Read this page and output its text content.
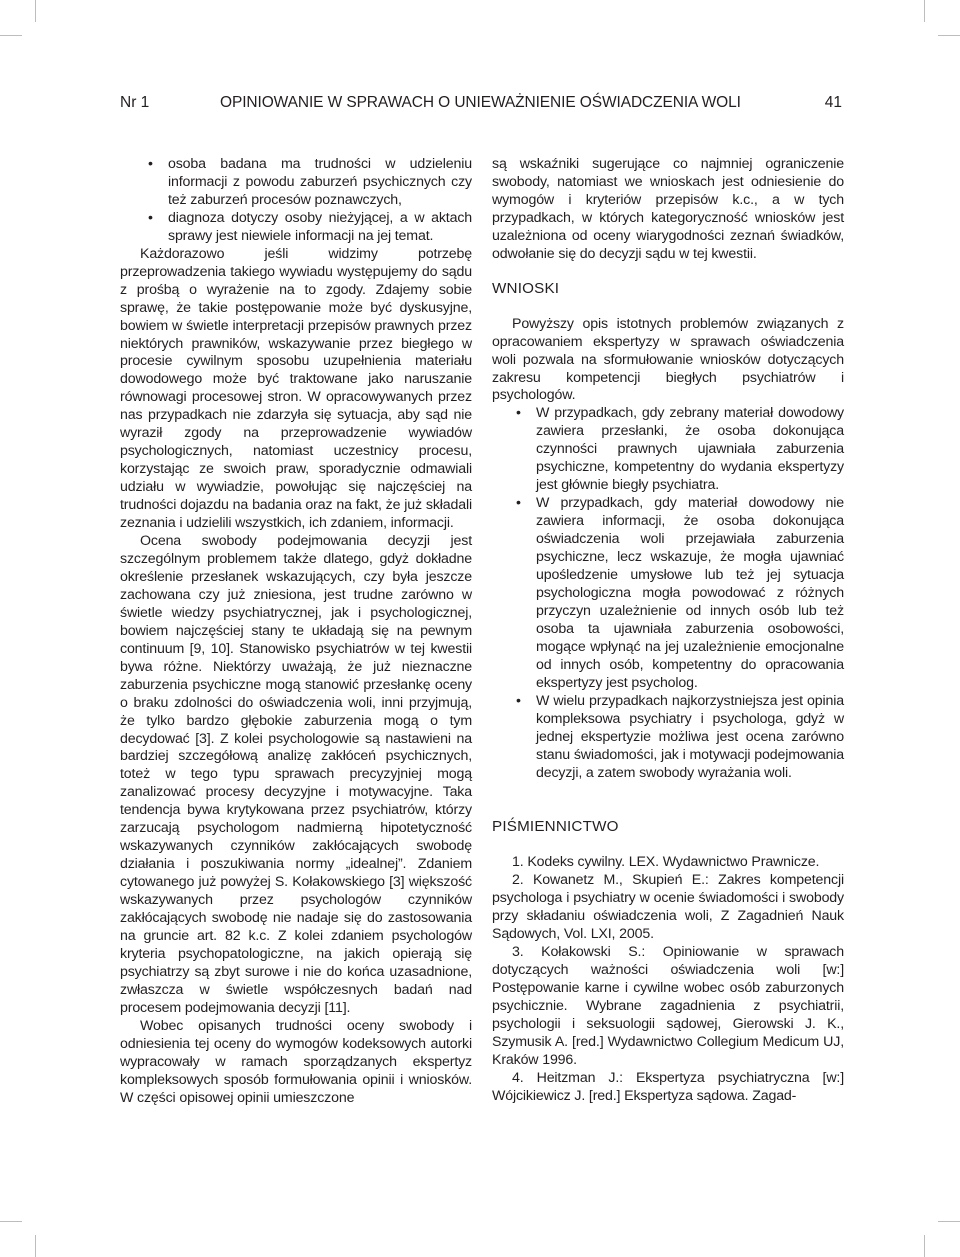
Nr 1	OPINIOWANIE W SPRAWACH O UNIEWAŻNIENIE OŚWIADCZENIA WOLI	41
• osoba badana ma trudności w udzieleniu informacji z powodu zaburzeń psychicznych czy też zaburzeń procesów poznawczych,
• diagnoza dotyczy osoby nieżyjącej, a w aktach sprawy jest niewiele informacji na jej temat.

Każdorazowo jeśli widzimy potrzebę przeprowadzenia takiego wywiadu występujemy do sądu z prośbą o wyrażenie na to zgody. Zdajemy sobie sprawę, że takie postępowanie może być dyskusyjne, bowiem w świetle interpretacji przepisów prawnych przez niektórych prawników, wskazywanie przez biegłego w procesie cywilnym sposobu uzupełnienia materiału dowodowego może być traktowane jako naruszanie równowagi procesowej stron. W opracowywanych przez nas przypadkach nie zdarzyła się sytuacja, aby sąd nie wyraził zgody na przeprowadzenie wywiadów psychologicznych, natomiast uczestnicy procesu, korzystając ze swoich praw, sporadycznie odmawiali udziału w wywiadzie, powołując się najczęściej na trudności dojazdu na badania oraz na fakt, że już składali zeznania i udzielili wszystkich, ich zdaniem, informacji.

Ocena swobody podejmowania decyzji jest szczególnym problemem także dlatego, gdyż dokładne określenie przesłanek wskazujących, czy była jeszcze zachowana czy już zniesiona, jest trudne zarówno w świetle wiedzy psychiatrycznej, jak i psychologicznej, bowiem najczęściej stany te układają się na pewnym continuum [9, 10]. Stanowisko psychiatrów w tej kwestii bywa różne. Niektórzy uważają, że już nieznaczne zaburzenia psychiczne mogą stanowić przesłankę oceny o braku zdolności do oświadczenia woli, inni przyjmują, że tylko bardzo głębokie zaburzenia mogą o tym decydować [3]. Z kolei psychologowie są nastawieni na bardziej szczegółową analizę zakłóceń psychicznych, toteż w tego typu sprawach precyzyjniej mogą zanalizować procesy decyzyjne i motywacyjne. Taka tendencja bywa krytykowana przez psychiatrów, którzy zarzucają psychologom nadmierną hipotetyczność wskazywanych czynników zakłócających swobodę działania i poszukiwania normy „idealnej”. Zdaniem cytowanego już powyżej S. Kołakowskiego [3] większość wskazywanych przez psychologów czynników zakłócających swobodę nie nadaje się do zastosowania na gruncie art. 82 k.c. Z kolei zdaniem psychologów kryteria psychopatologiczne, na jakich opierają się psychiatrzy są zbyt surowe i nie do końca uzasadnione, zwłaszcza w świetle współczesnych badań nad procesem podejmowania decyzji [11].

Wobec opisanych trudności oceny swobody i odniesienia tej oceny do wymogów kodeksowych autorki wypracowały w ramach sporządzanych ekspertyz kompleksowych sposób formułowania opinii i wniosków. W części opisowej opinii umieszczone

są wskaźniki sugerujące co najmniej ograniczenie swobody, natomiast we wnioskach jest odniesienie do wymogów i kryteriów przepisów k.c., a w tych przypadkach, w których kategoryczność wniosków jest uzależniona od oceny wiarygodności zeznań świadków, odwołanie się do decyzji sądu w tej kwestii.

WNIOSKI

Powyższy opis istotnych problemów związanych z opracowaniem ekspertyzy w sprawach oświadczenia woli pozwala na sformułowanie wniosków dotyczących zakresu kompetencji biegłych psychiatrów i psychologów.

• W przypadkach, gdy zebrany materiał dowodowy zawiera przesłanki, że osoba dokonująca czynności prawnych ujawniała zaburzenia psychiczne, kompetentny do wydania ekspertyzy jest głównie biegły psychiatra.
• W przypadkach, gdy materiał dowodowy nie zawiera informacji, że osoba dokonująca oświadczenia woli przejawiała zaburzenia psychiczne, lecz wskazuje, że mogła ujawniać upośledzenie umysłowe lub też jej sytuacja psychologiczna mogła powodować z różnych przyczyn uzależnienie od innych osób lub też osoba ta ujawniała zaburzenia osobowości, mogące wpłynąć na jej uzależnienie emocjonalne od innych osób, kompetentny do opracowania ekspertyzy jest psycholog.
• W wielu przypadkach najkorzystniejsza jest opinia kompleksowa psychiatry i psychologa, gdyż w jednej ekspertyzie możliwa jest ocena zarówno stanu świadomości, jak i motywacji podejmowania decyzji, a zatem swobody wyrażania woli.
PIŚMIENNICTWO

1. Kodeks cywilny. LEX. Wydawnictwo Prawnicze.

2. Kowanetz M., Skupień E.: Zakres kompetencji psychologa i psychiatry w ocenie świadomości i swobody przy składaniu oświadczenia woli, Z Zagadnień Nauk Sądowych, Vol. LXI, 2005.

3. Kołakowski S.: Opiniowanie w sprawach dotyczących ważności oświadczenia woli [w:] Postępowanie karne i cywilne wobec osób zaburzonych psychicznie. Wybrane zagadnienia z psychiatrii, psychologii i seksuologii sądowej, Gierowski J. K., Szymusik A. [red.] Wydawnictwo Collegium Medicum UJ, Kraków 1996.

4. Heitzman J.: Ekspertyza psychiatryczna [w:] Wójcikiewicz J. [red.] Ekspertyza sądowa. Zagad-
